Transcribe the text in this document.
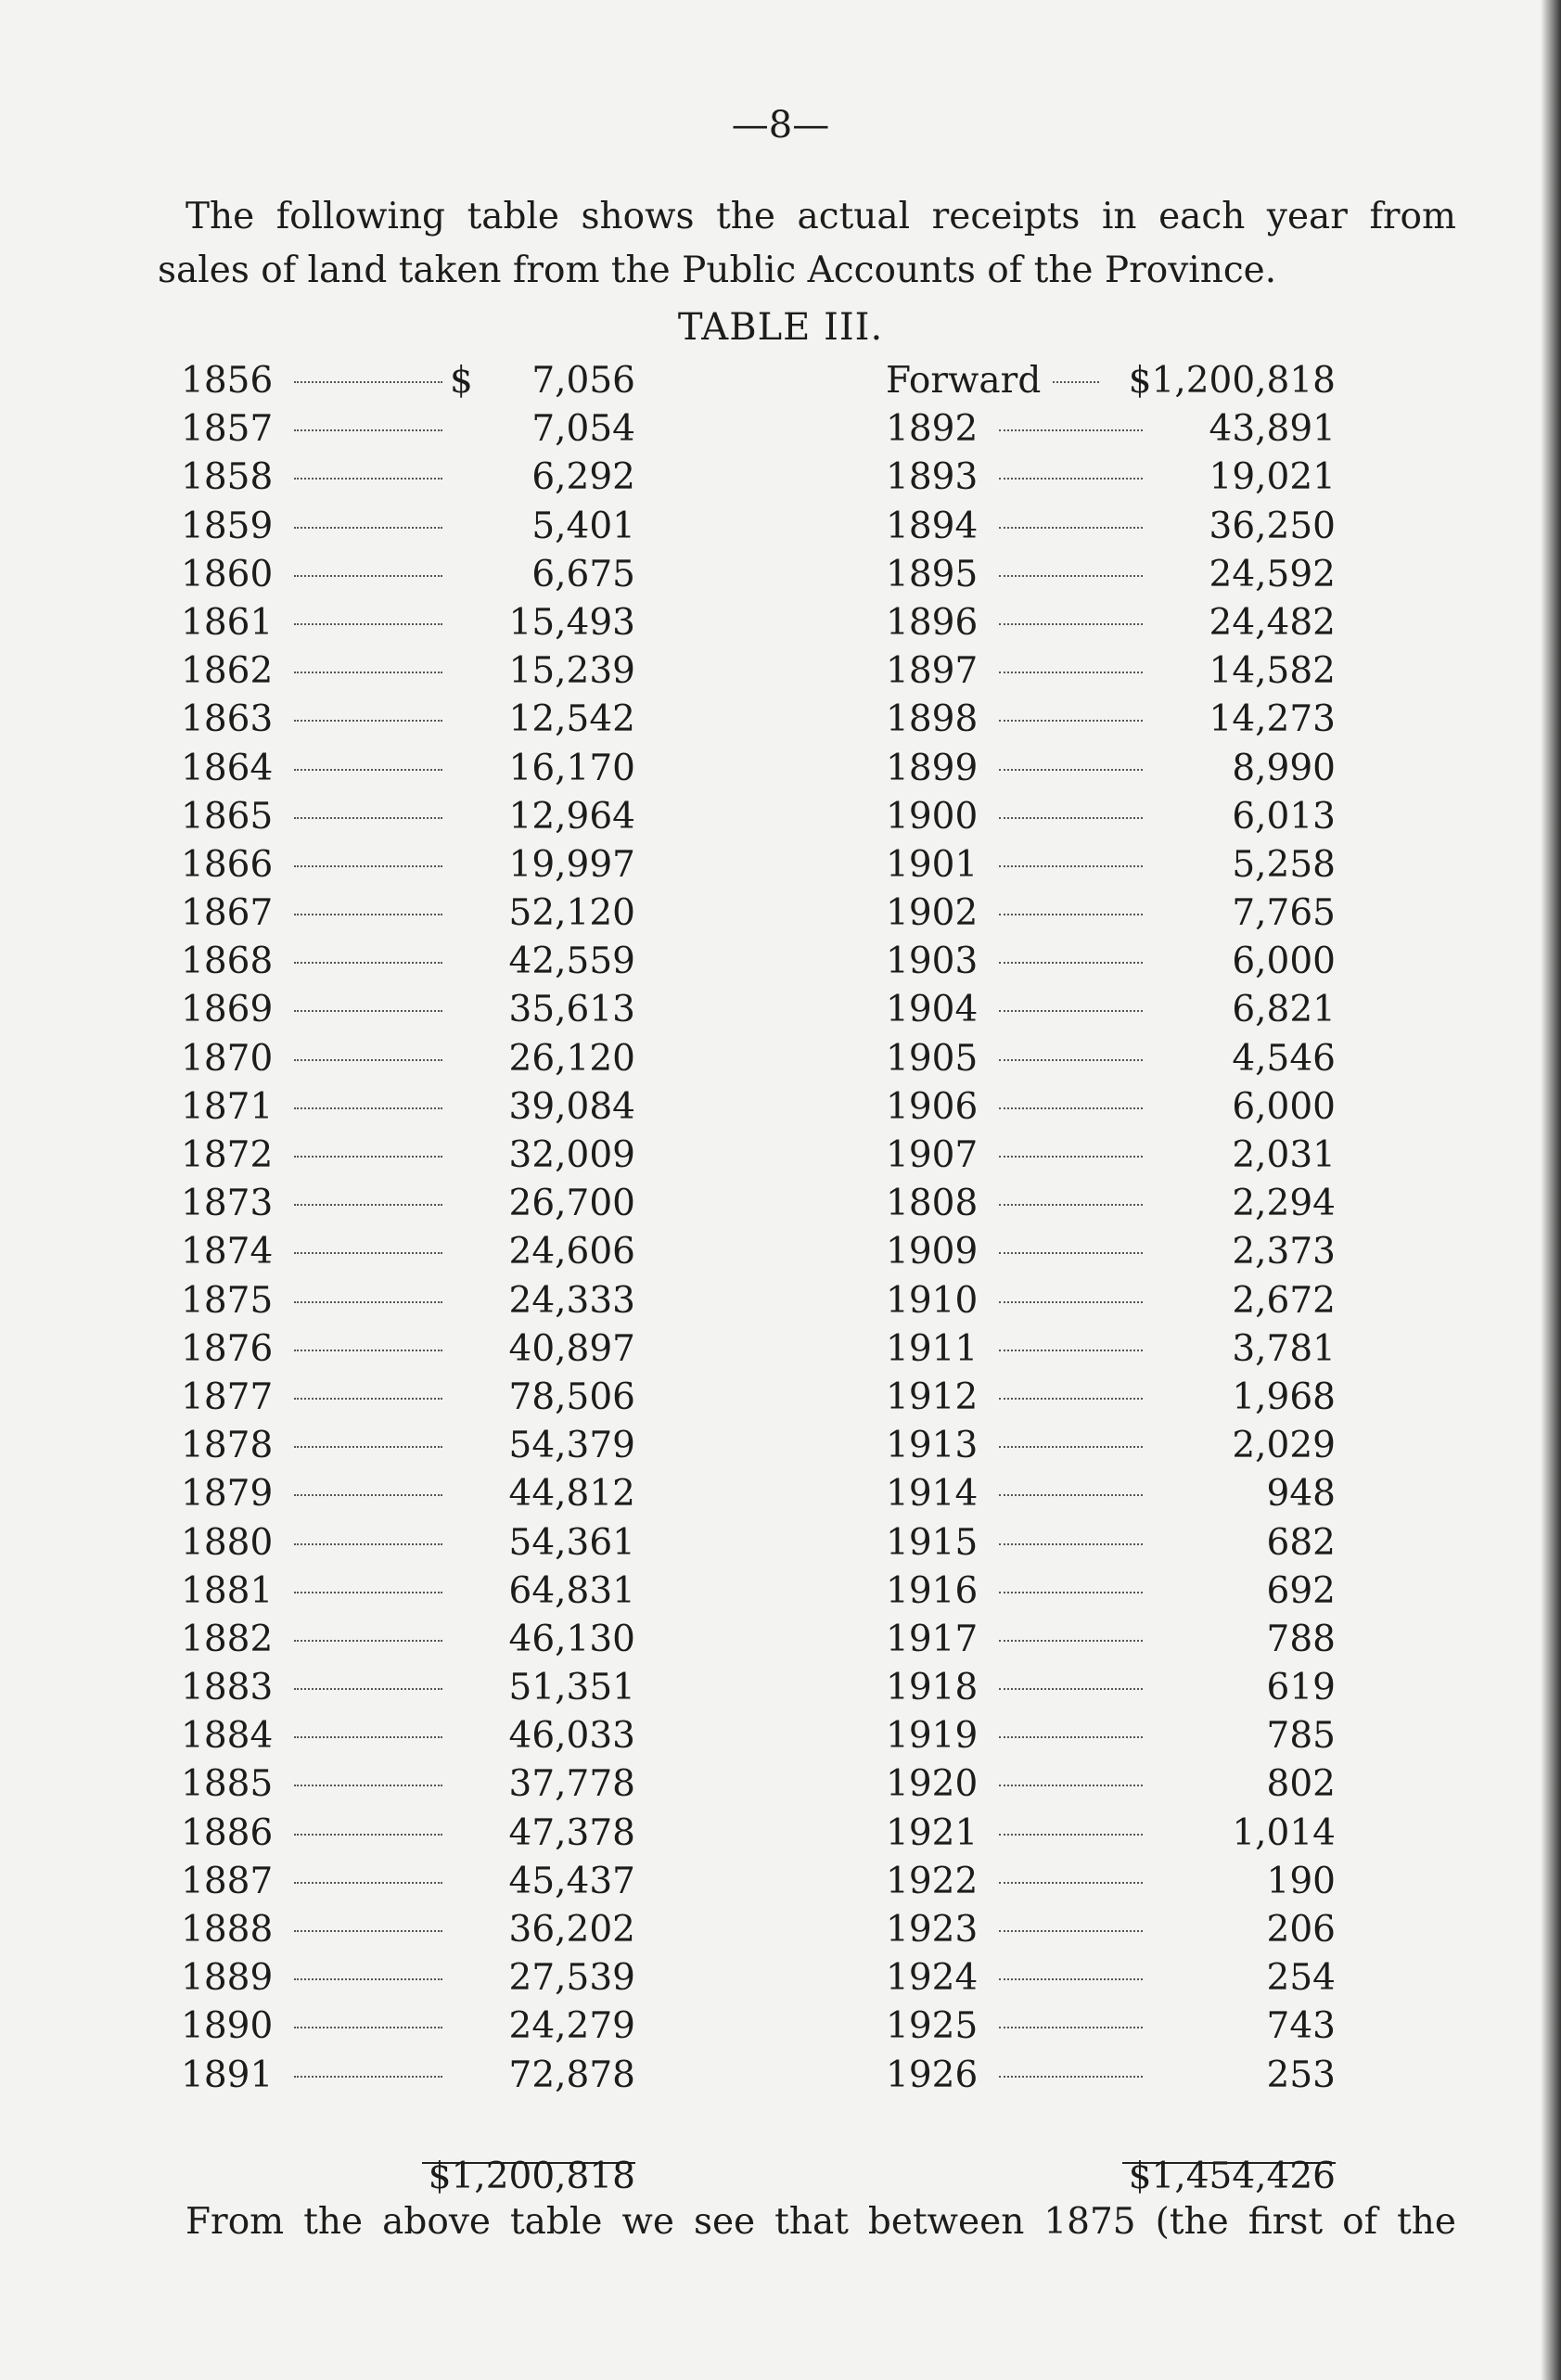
—8—
The following table shows the actual receipts in each year from
sales of land taken from the Public Accounts of the Province.
TABLE III.
1856	$	7,056
1857	7,054
1858	6,292
1859	5,401
1860	6,675
1861	15,493
1862	15,239
1863	12,542
1864	16,170
1865	12,964
1866	19,997
1867	52,120
1868	42,559
1869	35,613
1870	26,120
1871	39,084
1872	32,009
1873	26,700
1874	24,606
1875	24,333
1876	40,897
1877	78,506
1878	54,379
1879	44,812
1880	54,361
1881	64,831
1882	46,130
1883	51,351
1884	46,033
1885	37,778
1886	47,378
1887	45,437
1888	36,202
1889	27,539
1890	24,279
1891	72,878
Forward	$1,200,818
1892	43,891
1893	19,021
1894	36,250
1895	24,592
1896	24,482
1897	14,582
1898	14,273
1899	8,990
1900	6,013
1901	5,258
1902	7,765
1903	6,000
1904	6,821
1905	4,546
1906	6,000
1907	2,031
1808	2,294
1909	2,373
1910	2,672
1911	3,781
1912	1,968
1913	2,029
1914	948
1915	682
1916	692
1917	788
1918	619
1919	785
1920	802
1921	1,014
1922	190
1923	206
1924	254
1925	743
1926	253
$1,200,818	$1,454,426
From the above table we see that between 1875 (the first of the
